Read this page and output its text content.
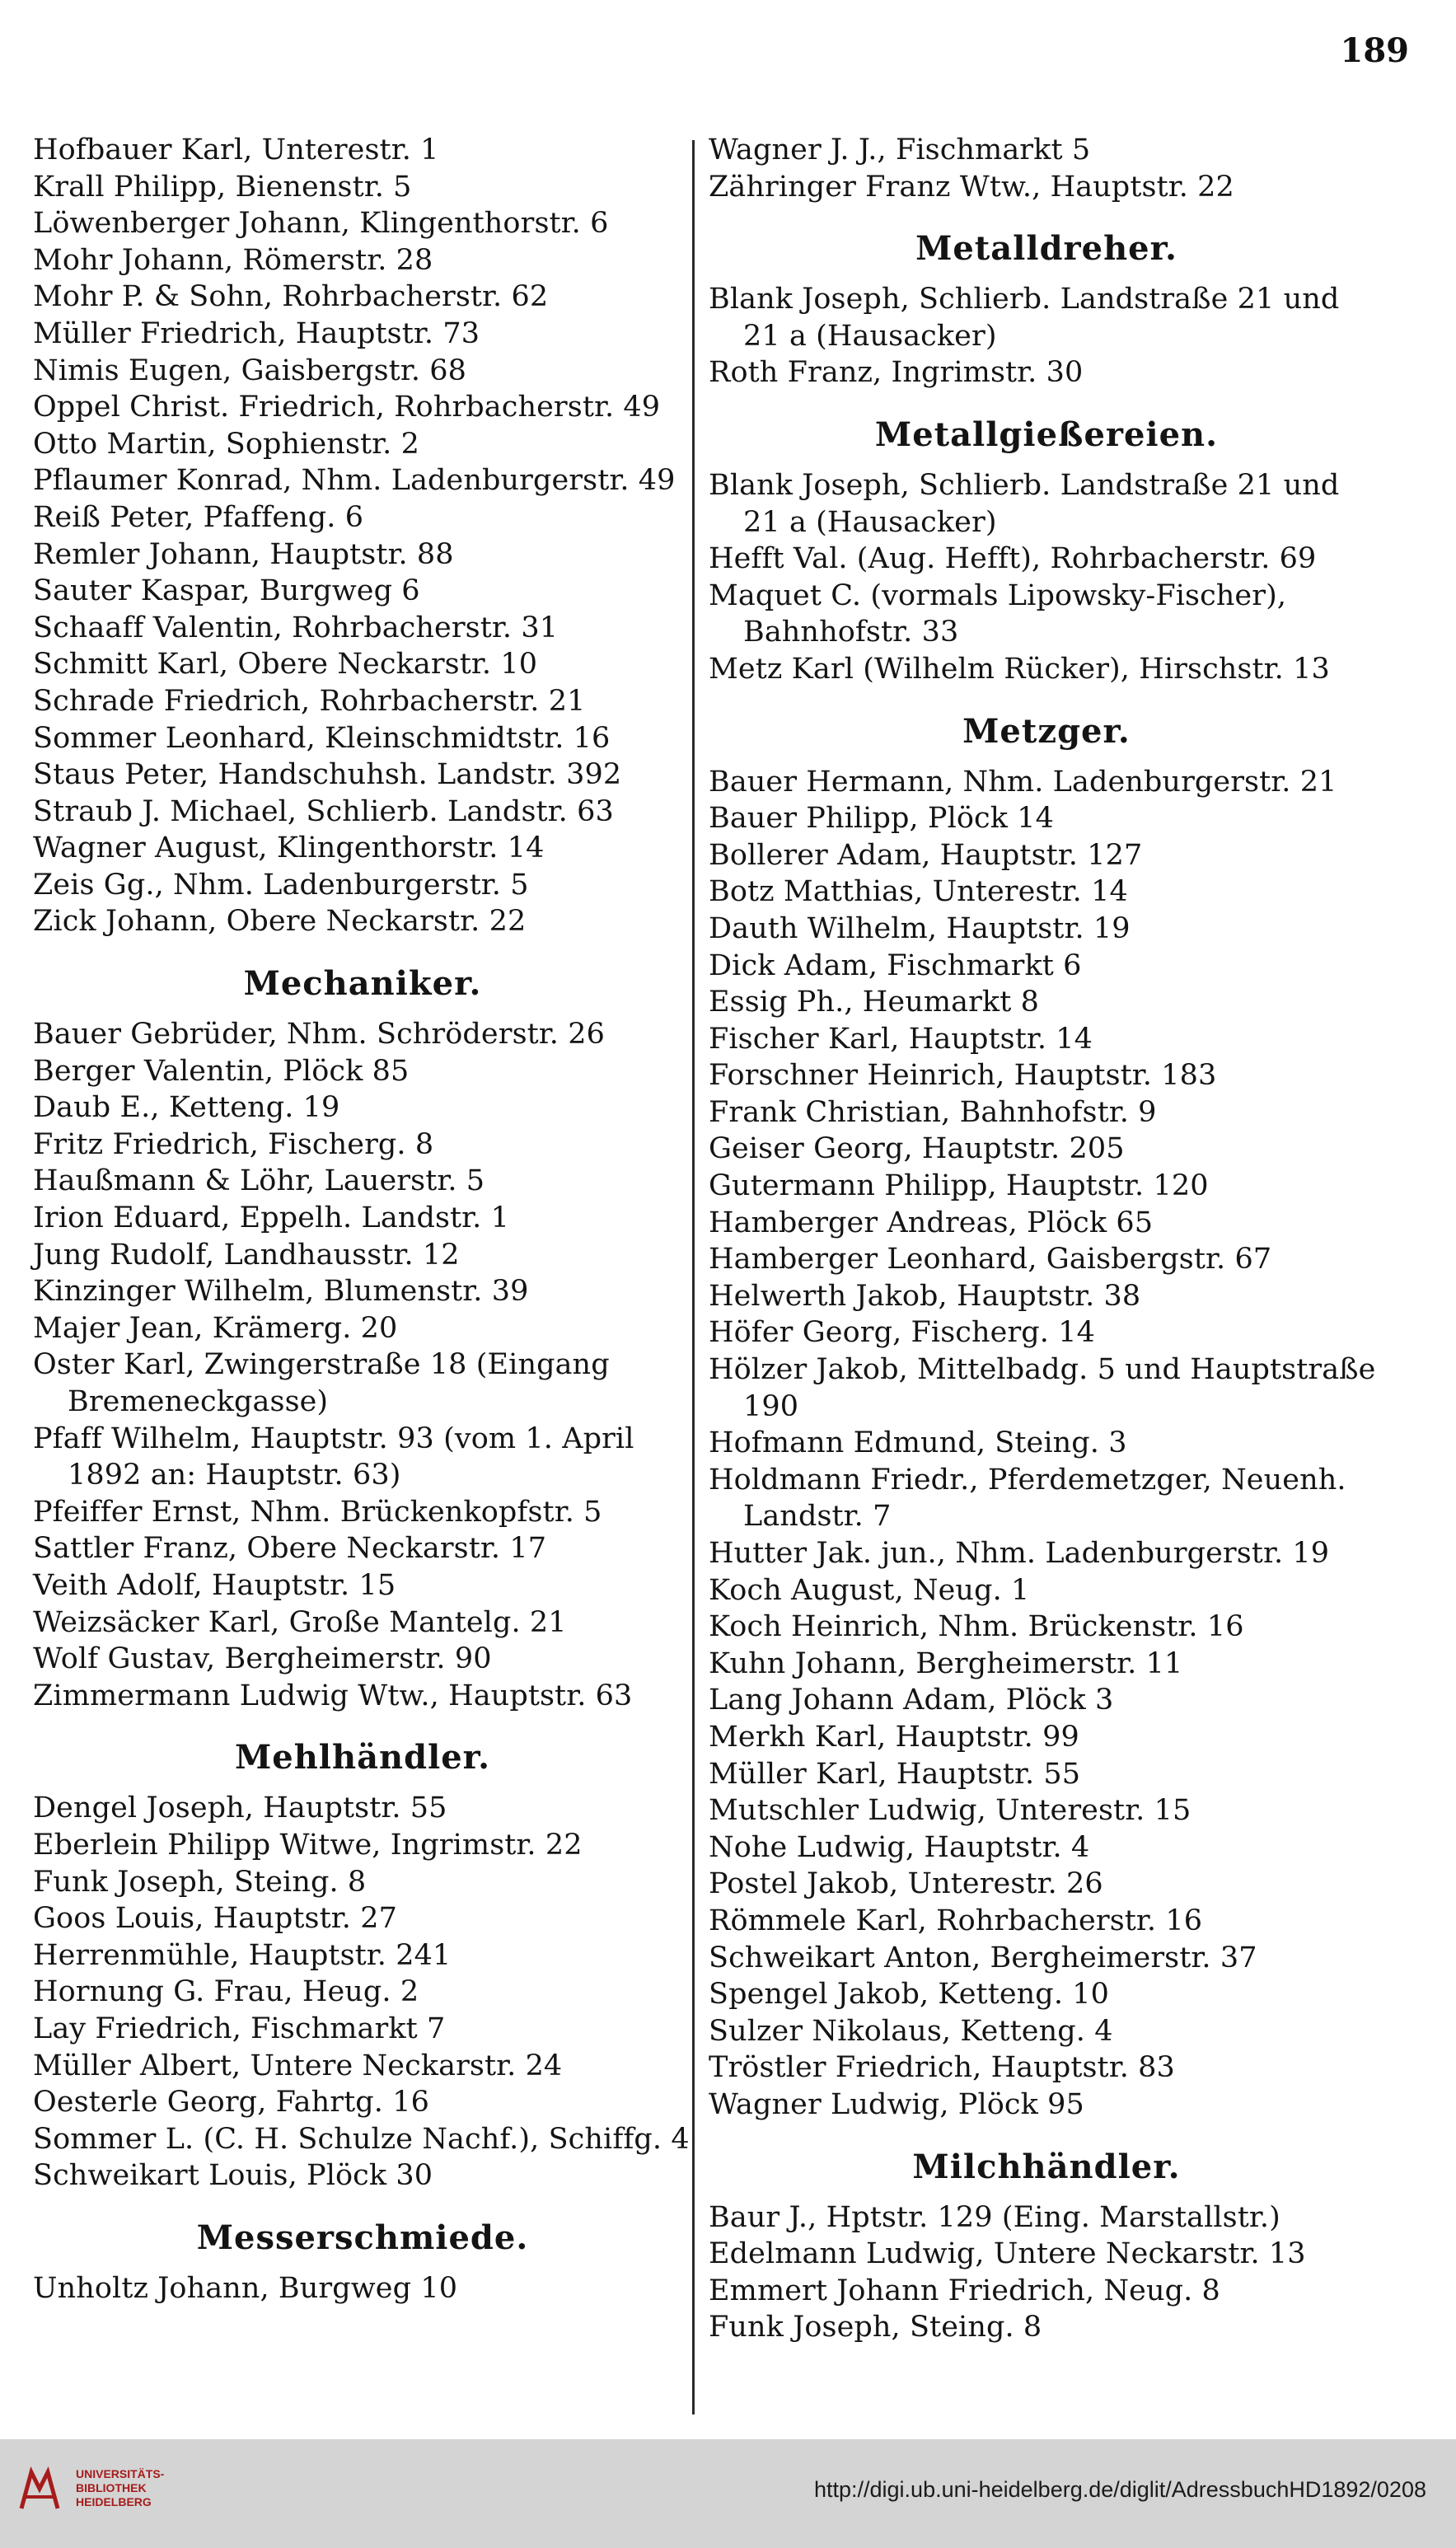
189
Hofbauer Karl, Unterestr. 1
Krall Philipp, Bienenstr. 5
Löwenberger Johann, Klingenthorstr. 6
Mohr Johann, Römerstr. 28
Mohr P. & Sohn, Rohrbacherstr. 62
Müller Friedrich, Hauptstr. 73
Nimis Eugen, Gaisbergstr. 68
Oppel Christ. Friedrich, Rohrbacherstr. 49
Otto Martin, Sophienstr. 2
Pflaumer Konrad, Nhm. Ladenburgerstr. 49
Reiß Peter, Pfaffeng. 6
Remler Johann, Hauptstr. 88
Sauter Kaspar, Burgweg 6
Schaaff Valentin, Rohrbacherstr. 31
Schmitt Karl, Obere Neckarstr. 10
Schrade Friedrich, Rohrbacherstr. 21
Sommer Leonhard, Kleinschmidtstr. 16
Staus Peter, Handschuhsh. Landstr. 392
Straub J. Michael, Schlierb. Landstr. 63
Wagner August, Klingenthorstr. 14
Zeis Gg., Nhm. Ladenburgerstr. 5
Zick Johann, Obere Neckarstr. 22
Mechaniker.
Bauer Gebrüder, Nhm. Schröderstr. 26
Berger Valentin, Plöck 85
Daub E., Ketteng. 19
Fritz Friedrich, Fischerg. 8
Haußmann & Löhr, Lauerstr. 5
Irion Eduard, Eppelh. Landstr. 1
Jung Rudolf, Landhausstr. 12
Kinzinger Wilhelm, Blumenstr. 39
Majer Jean, Krämerg. 20
Oster Karl, Zwingerstraße 18 (Eingang Bremeneckgasse)
Pfaff Wilhelm, Hauptstr. 93 (vom 1. April 1892 an: Hauptstr. 63)
Pfeiffer Ernst, Nhm. Brückenkopfstr. 5
Sattler Franz, Obere Neckarstr. 17
Veith Adolf, Hauptstr. 15
Weizsäcker Karl, Große Mantelg. 21
Wolf Gustav, Bergheimerstr. 90
Zimmermann Ludwig Wtw., Hauptstr. 63
Mehlhändler.
Dengel Joseph, Hauptstr. 55
Eberlein Philipp Witwe, Ingrimstr. 22
Funk Joseph, Steing. 8
Goos Louis, Hauptstr. 27
Herrenmühle, Hauptstr. 241
Hornung G. Frau, Heug. 2
Lay Friedrich, Fischmarkt 7
Müller Albert, Untere Neckarstr. 24
Oesterle Georg, Fahrtg. 16
Sommer L. (C. H. Schulze Nachf.), Schiffg. 4
Schweikart Louis, Plöck 30
Messerschmiede.
Unholtz Johann, Burgweg 10
Wagner J. J., Fischmarkt 5
Zähringer Franz Wtw., Hauptstr. 22
Metalldreher.
Blank Joseph, Schlierb. Landstraße 21 und 21 a (Hausacker)
Roth Franz, Ingrimstr. 30
Metallgießereien.
Blank Joseph, Schlierb. Landstraße 21 und 21 a (Hausacker)
Hefft Val. (Aug. Hefft), Rohrbacherstr. 69
Maquet C. (vormals Lipowsky-Fischer), Bahnhofstr. 33
Metz Karl (Wilhelm Rücker), Hirschstr. 13
Metzger.
Bauer Hermann, Nhm. Ladenburgerstr. 21
Bauer Philipp, Plöck 14
Bollerer Adam, Hauptstr. 127
Botz Matthias, Unterestr. 14
Dauth Wilhelm, Hauptstr. 19
Dick Adam, Fischmarkt 6
Essig Ph., Heumarkt 8
Fischer Karl, Hauptstr. 14
Forschner Heinrich, Hauptstr. 183
Frank Christian, Bahnhofstr. 9
Geiser Georg, Hauptstr. 205
Gutermann Philipp, Hauptstr. 120
Hamberger Andreas, Plöck 65
Hamberger Leonhard, Gaisbergstr. 67
Helwerth Jakob, Hauptstr. 38
Höfer Georg, Fischerg. 14
Hölzer Jakob, Mittelbadg. 5 und Hauptstraße 190
Hofmann Edmund, Steing. 3
Holdmann Friedr., Pferdemetzger, Neuenh. Landstr. 7
Hutter Jak. jun., Nhm. Ladenburgerstr. 19
Koch August, Neug. 1
Koch Heinrich, Nhm. Brückenstr. 16
Kuhn Johann, Bergheimerstr. 11
Lang Johann Adam, Plöck 3
Merkh Karl, Hauptstr. 99
Müller Karl, Hauptstr. 55
Mutschler Ludwig, Unterestr. 15
Nohe Ludwig, Hauptstr. 4
Postel Jakob, Unterestr. 26
Römmele Karl, Rohrbacherstr. 16
Schweikart Anton, Bergheimerstr. 37
Spengel Jakob, Ketteng. 10
Sulzer Nikolaus, Ketteng. 4
Tröstler Friedrich, Hauptstr. 83
Wagner Ludwig, Plöck 95
Milchhändler.
Baur J., Hptstr. 129 (Eing. Marstallstr.)
Edelmann Ludwig, Untere Neckarstr. 13
Emmert Johann Friedrich, Neug. 8
Funk Joseph, Steing. 8
UNIVERSITÄTS-
BIBLIOTHEK
HEIDELBERG	http://digi.ub.uni-heidelberg.de/diglit/AdressbuchHD1892/0208
